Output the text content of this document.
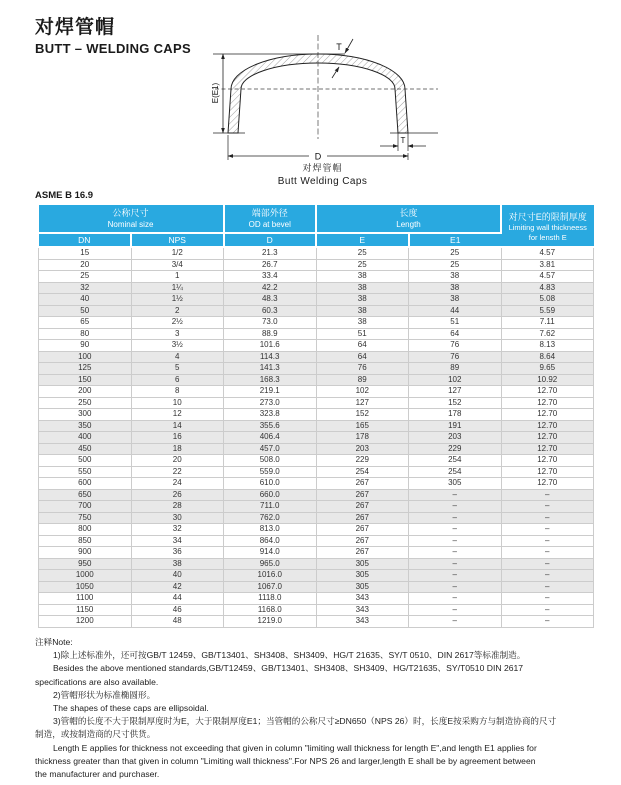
对焊管帽
BUTT – WELDING CAPS
E(E1)
T
T
D
对焊管帽
Butt Welding Caps
ASME B 16.9
公称尺寸
Nominal size

端部外径
OD at bevel

长度
Length

对尺寸E的限制厚度
Limiting wall thickneess
for lensth E

DN	NPS	D	E	E1	
15	1/2	21.3	25	25	4.57
20	3/4	26.7	25	25	3.81
25	1	33.4	38	38	4.57
32	1¼	42.2	38	38	4.83
40	1½	48.3	38	38	5.08
50	2	60.3	38	44	5.59
65	2½	73.0	38	51	7.11
80	3	88.9	51	64	7.62
90	3½	101.6	64	76	8.13
100	4	114.3	64	76	8.64
125	5	141.3	76	89	9.65
150	6	168.3	89	102	10.92
200	8	219.1	102	127	12.70
250	10	273.0	127	152	12.70
300	12	323.8	152	178	12.70
350	14	355.6	165	191	12.70
400	16	406.4	178	203	12.70
450	18	457.0	203	229	12.70
500	20	508.0	229	254	12.70
550	22	559.0	254	254	12.70
600	24	610.0	267	305	12.70
650	26	660.0	267	–	–
700	28	711.0	267	–	–
750	30	762.0	267	–	–
800	32	813.0	267	–	–
850	34	864.0	267	–	–
900	36	914.0	267	–	–
950	38	965.0	305	–	–
1000	40	1016.0	305	–	–
1050	42	1067.0	305	–	–
1100	44	1118.0	343	–	–
1150	46	1168.0	343	–	–
1200	48	1219.0	343	–	–
注释Note:
1)除上述标准外，还可按GB/T 12459、GB/T13401、SH3408、SH3409、HG/T 21635、SY/T 0510、DIN 2617等标准制造。
Besides the above mentioned standards,GB/T12459、GB/T13401、SH3408、SH3409、HG/T21635、SY/T0510 DIN 2617
specifications are also available.
2)管帽形状为标准椭圆形。
The shapes of these caps are ellipsoidal.
3)管帽的长度不大于限制厚度时为E，大于限制厚度E1；当管帽的公称尺寸≥DN650（NPS 26）时，长度E按采购方与制造协商的尺寸
制造，或按制造商的尺寸供货。
Length E applies for thickness not exceeding that given in column "limiting wall thickness for length E",and length E1 applies for
thickness greater than that given in column "Limiting wall thickness".For NPS 26 and larger,length E shall be by agreement between
the manufacturer and purchaser.
